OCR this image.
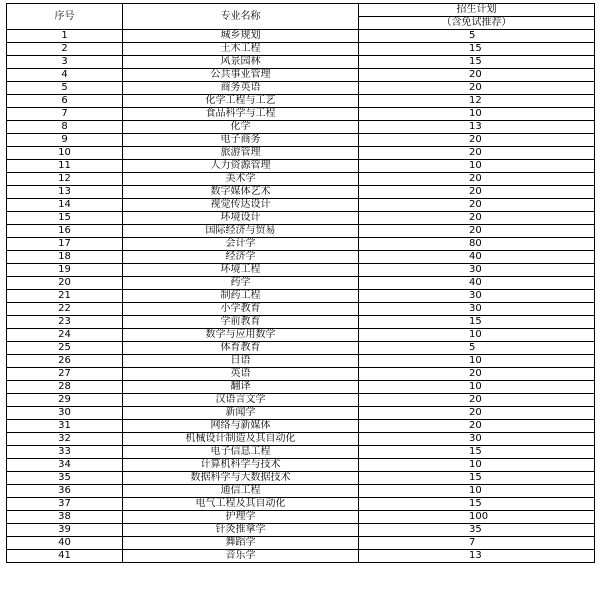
序号	专业名称	招生计划
		（含免试推荐）
1	城乡规划	5
2	土木工程	15
3	风景园林	15
4	公共事业管理	20
5	商务英语	20
6	化学工程与工艺	12
7	食品科学与工程	10
8	化学	13
9	电子商务	20
10	旅游管理	20
11	人力资源管理	10
12	美术学	20
13	数字媒体艺术	20
14	视觉传达设计	20
15	环境设计	20
16	国际经济与贸易	20
17	会计学	80
18	经济学	40
19	环境工程	30
20	药学	40
21	制药工程	30
22	小学教育	30
23	学前教育	15
24	数学与应用数学	10
25	体育教育	5
26	日语	10
27	英语	20
28	翻译	10
29	汉语言文学	20
30	新闻学	20
31	网络与新媒体	20
32	机械设计制造及其自动化	30
33	电子信息工程	15
34	计算机科学与技术	10
35	数据科学与大数据技术	15
36	通信工程	10
37	电气工程及其自动化	15
38	护理学	100
39	针灸推拿学	35
40	舞蹈学	7
41	音乐学	13
